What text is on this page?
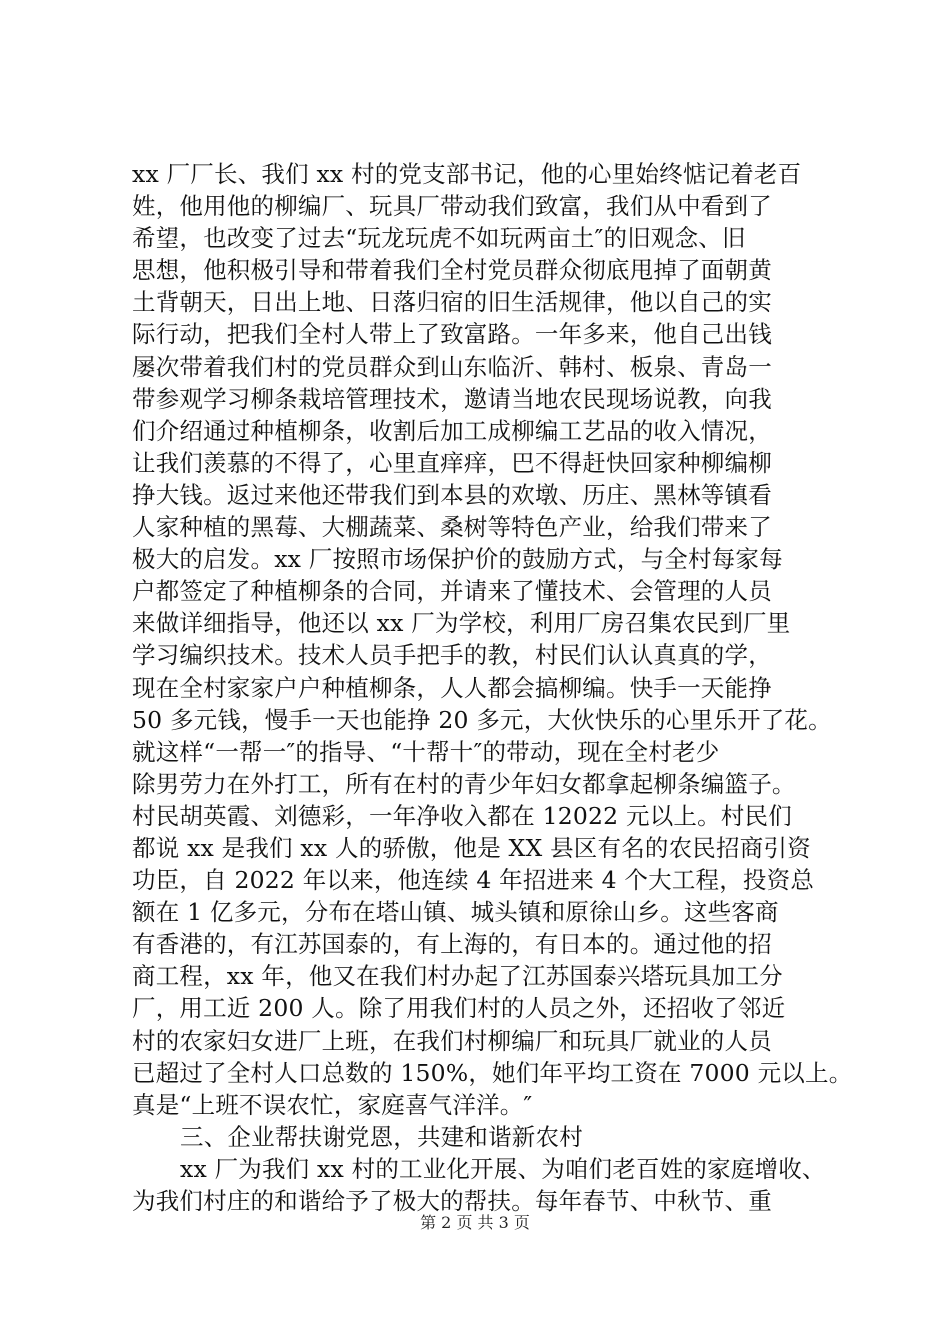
xx 厂厂长、我们 xx 村的党支部书记，他的心里始终惦记着老百
姓，他用他的柳编厂、玩具厂带动我们致富，我们从中看到了
希望，也改变了过去“玩龙玩虎不如玩两亩土″的旧观念、旧
思想，他积极引导和带着我们全村党员群众彻底甩掉了面朝黄
土背朝天，日出上地、日落归宿的旧生活规律，他以自己的实
际行动，把我们全村人带上了致富路。一年多来，他自己出钱
屡次带着我们村的党员群众到山东临沂、韩村、板泉、青岛一
带参观学习柳条栽培管理技术，邀请当地农民现场说教，向我
们介绍通过种植柳条，收割后加工成柳编工艺品的收入情况，
让我们羡慕的不得了，心里直痒痒，巴不得赶快回家种柳编柳
挣大钱。返过来他还带我们到本县的欢墩、历庄、黑林等镇看
人家种植的黑莓、大棚蔬菜、桑树等特色产业，给我们带来了
极大的启发。xx 厂按照市场保护价的鼓励方式，与全村每家每
户都签定了种植柳条的合同，并请来了懂技术、会管理的人员
来做详细指导，他还以 xx 厂为学校，利用厂房召集农民到厂里
学习编织技术。技术人员手把手的教，村民们认认真真的学，
现在全村家家户户种植柳条，人人都会搞柳编。快手一天能挣
50 多元钱，慢手一天也能挣 20 多元，大伙快乐的心里乐开了花。
就这样“一帮一″的指导、“十帮十″的带动，现在全村老少
除男劳力在外打工，所有在村的青少年妇女都拿起柳条编篮子。
村民胡英霞、刘德彩，一年净收入都在 12022 元以上。村民们
都说 xx 是我们 xx 人的骄傲，他是 XX 县区有名的农民招商引资
功臣，自 2022 年以来，他连续 4 年招进来 4 个大工程，投资总
额在 1 亿多元，分布在塔山镇、城头镇和原徐山乡。这些客商
有香港的，有江苏国泰的，有上海的，有日本的。通过他的招
商工程，xx 年，他又在我们村办起了江苏国泰兴塔玩具加工分
厂，用工近 200 人。除了用我们村的人员之外，还招收了邻近
村的农家妇女进厂上班，在我们村柳编厂和玩具厂就业的人员
已超过了全村人口总数的 150%，她们年平均工资在 7000 元以上。
真是“上班不误农忙，家庭喜气洋洋。″
三、企业帮扶谢党恩，共建和谐新农村
xx 厂为我们 xx 村的工业化开展、为咱们老百姓的家庭增收、
为我们村庄的和谐给予了极大的帮扶。每年春节、中秋节、重
第 2 页 共 3 页
